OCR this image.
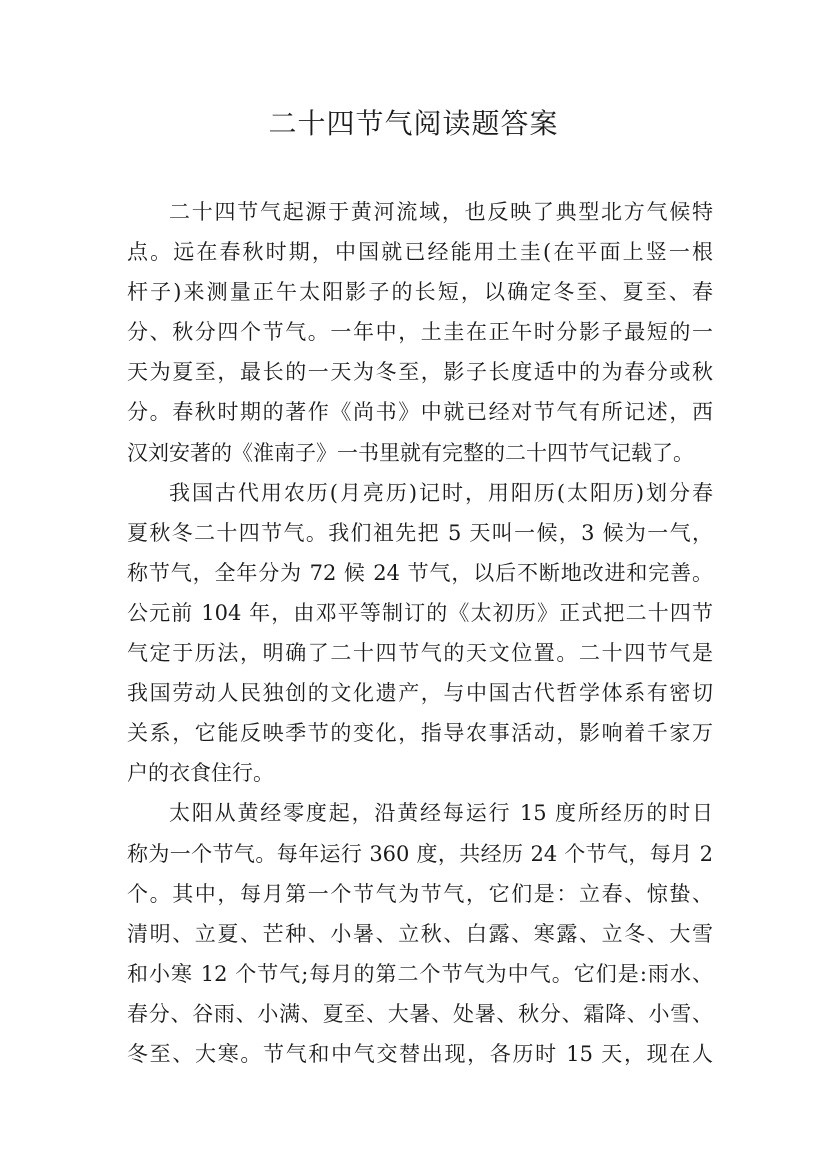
二十四节气阅读题答案
二十四节气起源于黄河流域，也反映了典型北方气候特
点。远在春秋时期，中国就已经能用土圭(在平面上竖一根
杆子)来测量正午太阳影子的长短，以确定冬至、夏至、春
分、秋分四个节气。一年中，土圭在正午时分影子最短的一
天为夏至，最长的一天为冬至，影子长度适中的为春分或秋
分。春秋时期的著作《尚书》中就已经对节气有所记述，西
汉刘安著的《淮南子》一书里就有完整的二十四节气记载了。
我国古代用农历(月亮历)记时，用阳历(太阳历)划分春
夏秋冬二十四节气。我们祖先把 5 天叫一候，3 候为一气，
称节气，全年分为 72 候 24 节气，以后不断地改进和完善。
公元前 104 年，由邓平等制订的《太初历》正式把二十四节
气定于历法，明确了二十四节气的天文位置。二十四节气是
我国劳动人民独创的文化遗产，与中国古代哲学体系有密切
关系，它能反映季节的变化，指导农事活动，影响着千家万
户的衣食住行。
太阳从黄经零度起，沿黄经每运行 15 度所经历的时日
称为一个节气。每年运行 360 度，共经历 24 个节气，每月 2
个。其中，每月第一个节气为节气，它们是：立春、惊蛰、
清明、立夏、芒种、小暑、立秋、白露、寒露、立冬、大雪
和小寒 12 个节气;每月的第二个节气为中气。它们是:雨水、
春分、谷雨、小满、夏至、大暑、处暑、秋分、霜降、小雪、
冬至、大寒。节气和中气交替出现，各历时 15 天，现在人
